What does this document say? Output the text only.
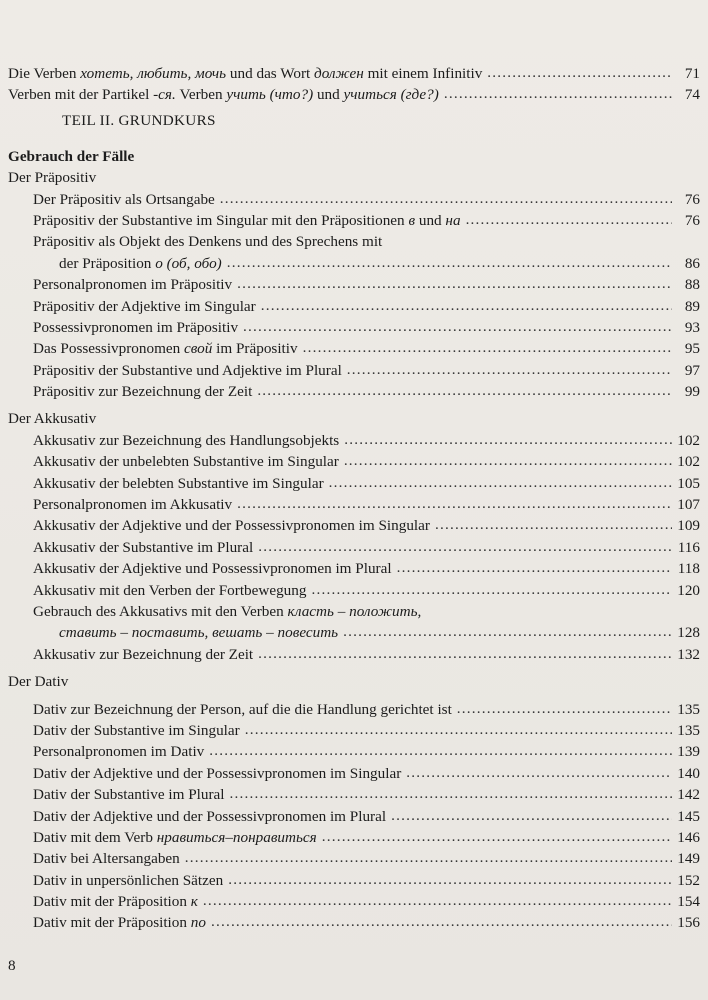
Die Verben хотеть, любить, мочь und das Wort должен mit einem Infinitiv .....	71
Verben mit der Partikel -ся. Verben учить (что?) und учиться (где?) .....	74
TEIL II. GRUNDKURS
Gebrauch der Fälle
Der Präpositiv
Der Präpositiv als Ortsangabe .....	76
Präpositiv der Substantive im Singular mit den Präpositionen в und на .....	76
Präpositiv als Objekt des Denkens und des Sprechens mit
der Präposition о (об, обо) .....	86
Personalpronomen im Präpositiv .....	88
Präpositiv der Adjektive im Singular .....	89
Possessivpronomen im Präpositiv .....	93
Das Possessivpronomen свой im Präpositiv .....	95
Präpositiv der Substantive und Adjektive im Plural .....	97
Präpositiv zur Bezeichnung der Zeit .....	99
Der Akkusativ
Akkusativ zur Bezeichnung des Handlungsobjekts .....	102
Akkusativ der unbelebten Substantive im Singular .....	102
Akkusativ der belebten Substantive im Singular .....	105
Personalpronomen im Akkusativ .....	107
Akkusativ der Adjektive und der Possessivpronomen im Singular .....	109
Akkusativ der Substantive im Plural .....	116
Akkusativ der Adjektive und Possessivpronomen im Plural .....	118
Akkusativ mit den Verben der Fortbewegung .....	120
Gebrauch des Akkusativs mit den Verben класть – положить,
ставить – поставить, вешать – повесить .....	128
Akkusativ zur Bezeichnung der Zeit .....	132
Der Dativ
Dativ zur Bezeichnung der Person, auf die die Handlung gerichtet ist .....	135
Dativ der Substantive im Singular .....	135
Personalpronomen im Dativ .....	139
Dativ der Adjektive und der Possessivpronomen im Singular .....	140
Dativ der Substantive im Plural .....	142
Dativ der Adjektive und der Possessivpronomen im Plural .....	145
Dativ mit dem Verb нравиться–понравиться .....	146
Dativ bei Altersangaben .....	149
Dativ in unpersönlichen Sätzen .....	152
Dativ mit der Präposition к .....	154
Dativ mit der Präposition по .....	156
8
